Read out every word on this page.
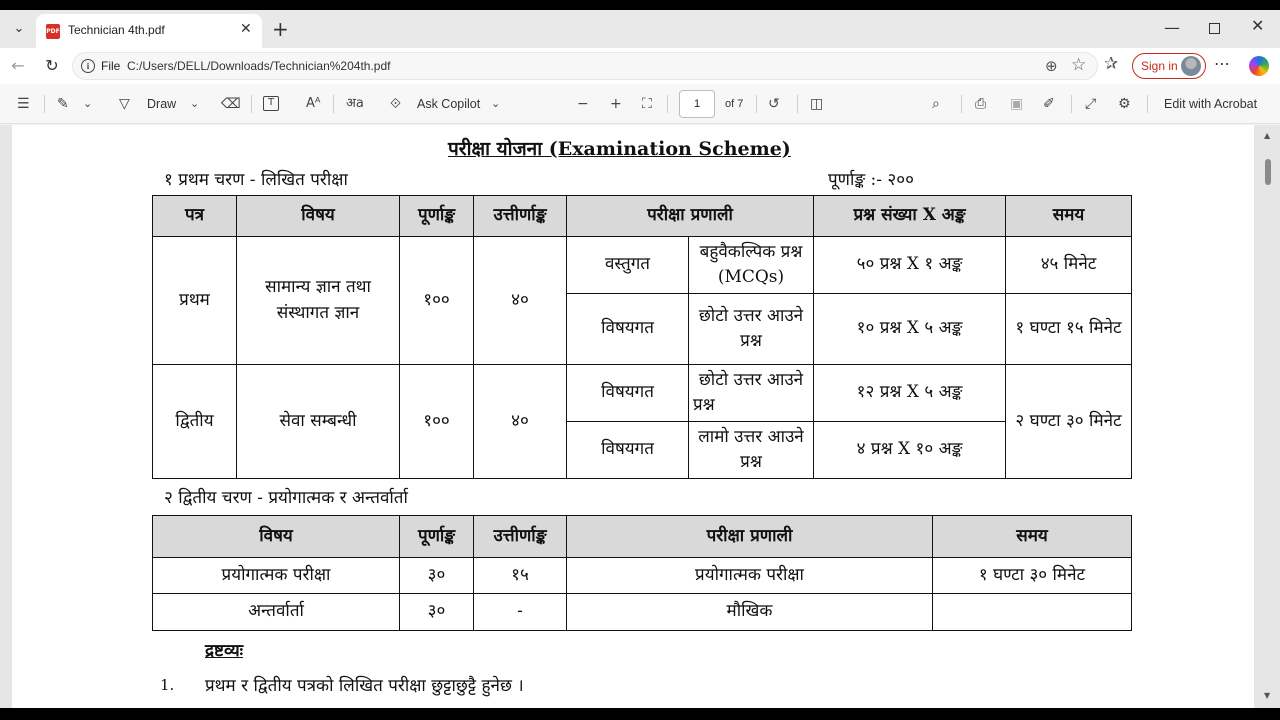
⌄	PDF Technician 4th.pdf	✕ +	—	✕
←	↻	i File C:/Users/DELL/Downloads/Technician%204th.pdf	⊕ ☆ ✰ Sign in ⋯
☰ ✎ ⌄ ▽ Draw ⌄ ⌫	T	Aᴬ अa ⟐ Ask Copilot ⌄	− + ⛶	1	of 7 ↺ ◫	⌕	⎙ ▣ ✐ ⤢ ⚙	Edit with Acrobat
परीक्षा योजना (Examination Scheme)
१ प्रथम चरण - लिखित परीक्षा	पूर्णाङ्क :- २००
पत्र	विषय	पूर्णाङ्क	उत्तीर्णाङ्क	परीक्षा प्रणाली		प्रश्न संख्या X अङ्क	समय
प्रथम	सामान्य ज्ञान तथा संस्थागत ज्ञान	१००	४०	वस्तुगत	बहुवैकल्पिक प्रश्न (MCQs)	५० प्रश्न X १ अङ्क	४५ मिनेट
				विषयगत	छोटो उत्तर आउने प्रश्न	१० प्रश्न X ५ अङ्क	१ घण्टा १५ मिनेट
द्वितीय	सेवा सम्बन्धी	१००	४०	विषयगत	छोटो उत्तर आउने प्रश्न	१२ प्रश्न X ५ अङ्क	२ घण्टा ३० मिनेट
				विषयगत	लामो उत्तर आउने प्रश्न	४ प्रश्न X १० अङ्क	
२ द्वितीय चरण - प्रयोगात्मक र अन्तर्वार्ता
विषय	पूर्णाङ्क	उत्तीर्णाङ्क	परीक्षा प्रणाली	समय
प्रयोगात्मक परीक्षा	३०	१५	प्रयोगात्मक परीक्षा	१ घण्टा ३० मिनेट
अन्तर्वार्ता	३०	-	मौखिक	
द्रष्टव्यः
1. प्रथम र द्वितीय पत्रको लिखित परीक्षा छुट्टाछुट्टै हुनेछ ।
▲
▼
